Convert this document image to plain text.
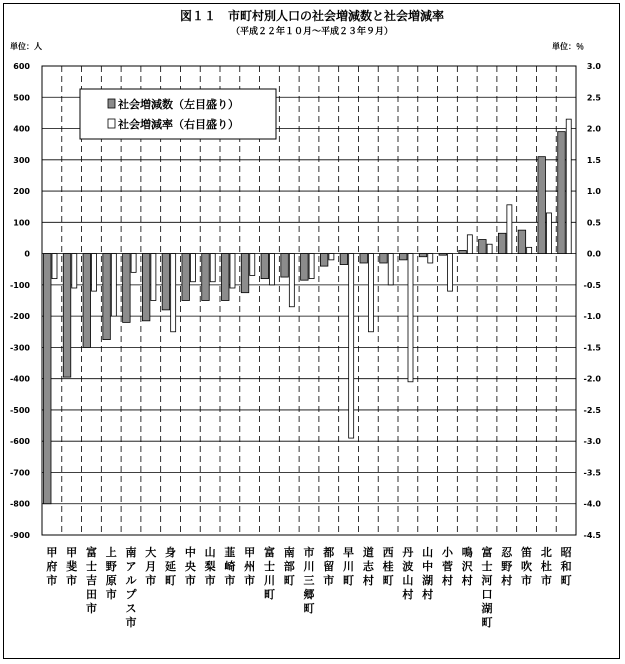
図１１　市町村別人口の社会増減数と社会増減率
（平成２２年１０月～平成２３年９月）
単位：人	単位：％
600	3.0
500	2.5
400	2.0
300	1.5
200	1.0
100	0.5
0	0.0
-100	-0.5
-200	-1.0
-300	-1.5
-400	-2.0
-500	-2.5
-600	-3.0
-700	-3.5
-800	-4.0
-900	-4.5
甲
府
市
甲
斐
市
富
士
吉
田
市
上
野
原
市
南
ア
ル
プ
ス
市
大
月
市
身
延
町
中
央
市
山
梨
市
韮
崎
市
甲
州
市
富
士
川
町
南
部
町
市
川
三
郷
町
都
留
市
早
川
町
道
志
村
西
桂
町
丹
波
山
村
山
中
湖
村
小
菅
村
鳴
沢
村
富
士
河
口
湖
町
忍
野
村
笛
吹
市
北
杜
市
昭
和
町
社会増減数（左目盛り）
社会増減率（右目盛り）
